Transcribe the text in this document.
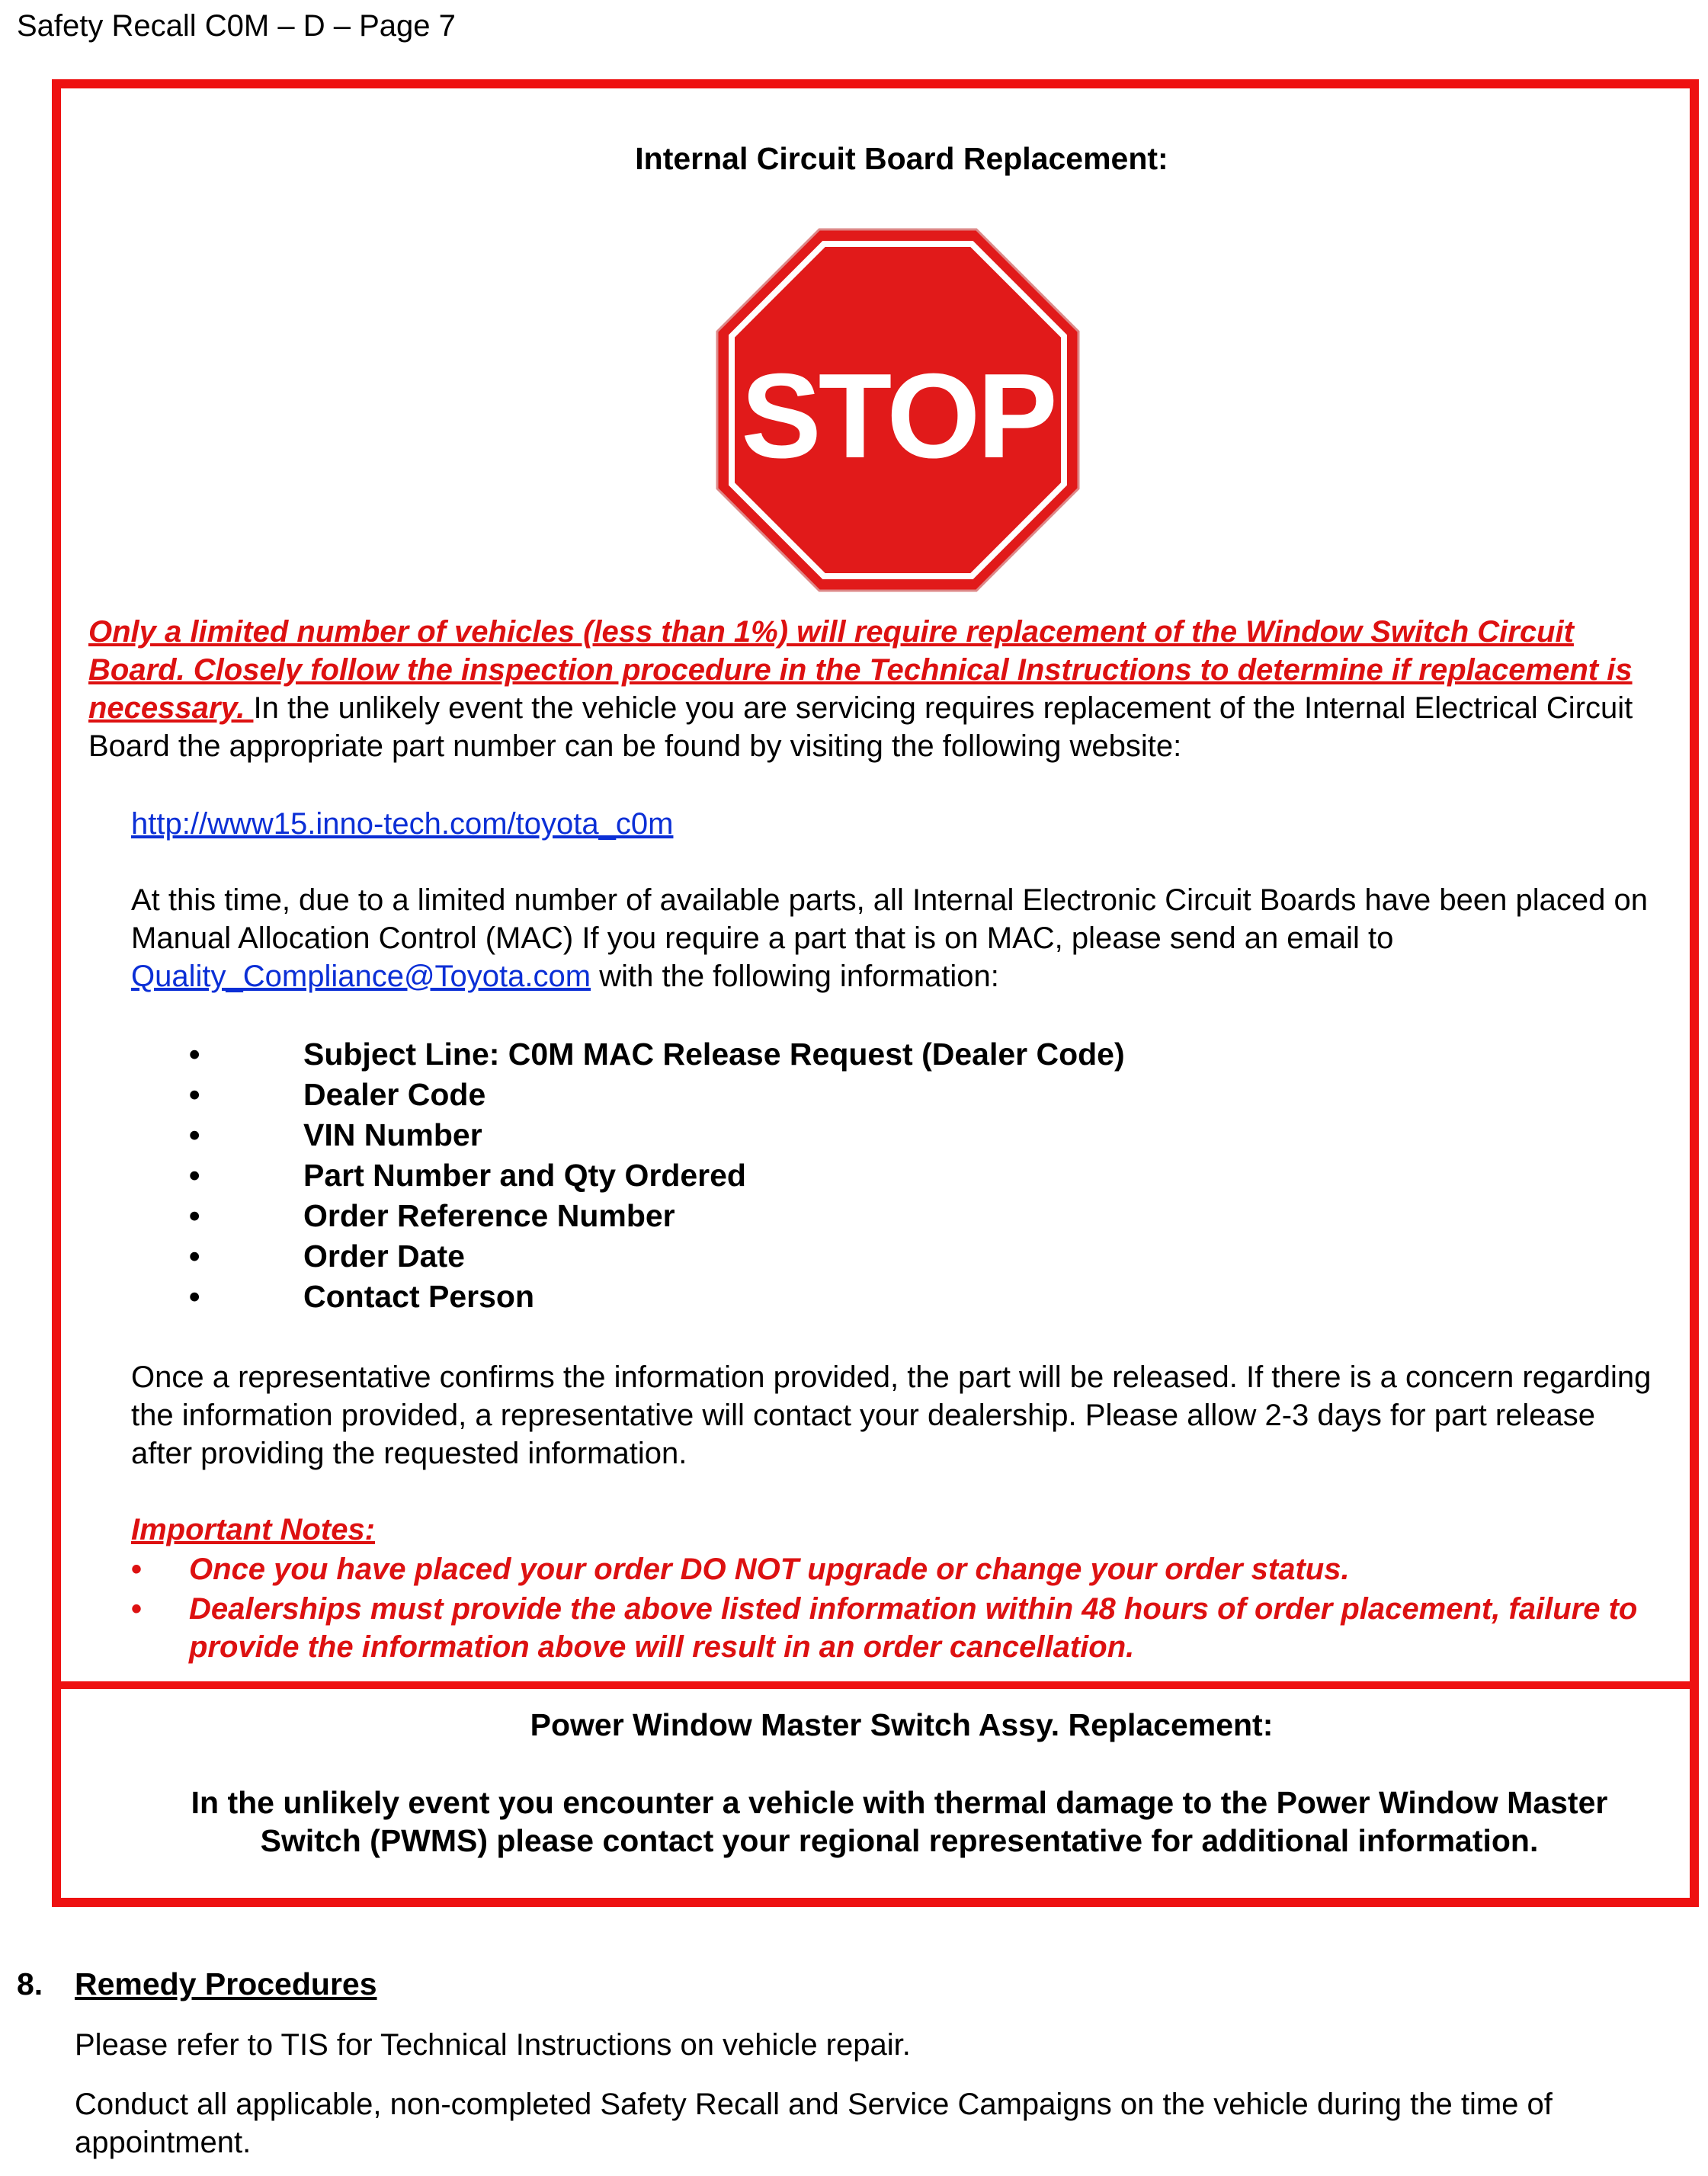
Safety Recall C0M – D – Page 7
Internal Circuit Board Replacement:
STOP
Only a limited number of vehicles (less than 1%) will require replacement of the Window Switch Circuit Board. Closely follow the inspection procedure in the Technical Instructions to determine if replacement is necessary. In the unlikely event the vehicle you are servicing requires replacement of the Internal Electrical Circuit Board the appropriate part number can be found by visiting the following website:
http://www15.inno-tech.com/toyota_c0m
At this time, due to a limited number of available parts, all Internal Electronic Circuit Boards have been placed on Manual Allocation Control (MAC) If you require a part that is on MAC, please send an email to Quality_Compliance@Toyota.com with the following information:
•	Subject Line: C0M MAC Release Request (Dealer Code)
•	Dealer Code
•	VIN Number
•	Part Number and Qty Ordered
•	Order Reference Number
•	Order Date
•	Contact Person
Once a representative confirms the information provided, the part will be released. If there is a concern regarding the information provided, a representative will contact your dealership. Please allow 2-3 days for part release after providing the requested information.
Important Notes:
• Once you have placed your order DO NOT upgrade or change your order status.
• Dealerships must provide the above listed information within 48 hours of order placement, failure to provide the information above will result in an order cancellation.
Power Window Master Switch Assy. Replacement:
In the unlikely event you encounter a vehicle with thermal damage to the Power Window Master Switch (PWMS) please contact your regional representative for additional information.
8. Remedy Procedures
Please refer to TIS for Technical Instructions on vehicle repair.
Conduct all applicable, non-completed Safety Recall and Service Campaigns on the vehicle during the time of appointment.
